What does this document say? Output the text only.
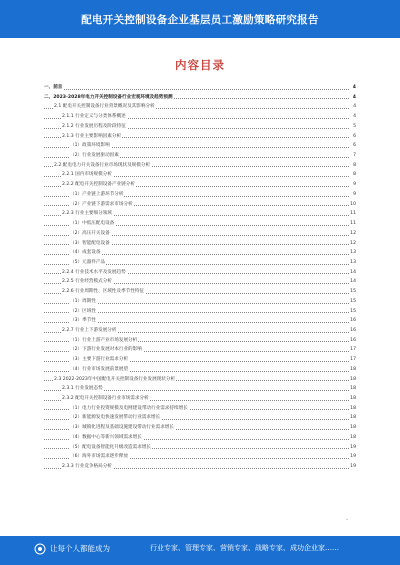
配电开关控制设备企业基层员工激励策略研究报告
内容目录
一、前言	4
二、2023-2028年电力开关控制设备行业宏观环境及趋势预测	4
2.1 配电开关控制设备行业背景概况及其影响分析	4
2.1.1 行业定义与分类体系概述	4
2.1.2 行业发展历程及阶段特征	5
2.1.3 行业主要影响因素分析	6
（1）政策环境影响	6
（2）行业发展驱动因素	7
2.2 配电电力开关设备行业市场现状及规模分析	8
2.2.1 国内市场规模分析	8
2.2.2 配电开关控制设备产业链分析	9
（1）产业链上游环节分析	9
（2）产业链下游需求市场分析	10
2.2.3 行业主要细分领域	11
（1）中低压配电设备	11
（2）高压开关设备	12
（3）智能配电设备	12
（4）成套设备	13
（5）元器件产品	13
2.2.4 行业技术水平及发展趋势	14
2.2.5 行业经营模式分析	14
2.2.6 行业周期性、区域性及季节性特征	15
（1）周期性	15
（2）区域性	15
（3）季节性	16
2.2.7 行业上下游发展分析	16
（1）行业上游产业市场发展分析	16
（2）下游行业发展对本行业的影响	17
（3）主要下游行业需求分析	17
（4）行业市场发展前景展望	18
2.3 2022-2023年中国配电开关控制设备行业发展现状分析	18
2.3.1 行业发展态势	18
2.3.2 配电开关控制设备行业市场需求分析	18
（1）电力行业投资规模及电网建设带动行业需求持续增长	18
（2）新能源发电快速发展带动行业需求增长	18
（3）城镇化进程及基础设施建设带动行业需求增长	18
（4）数据中心等新兴领域需求增长	18
（5）配电设备智能化升级改造需求增长	19
（6）海外市场需求逐步释放	19
2.3.3 行业竞争格局分析	19
-
让每个人都能成为	行业专家、管理专家、营销专家、战略专家、成功企业家……
